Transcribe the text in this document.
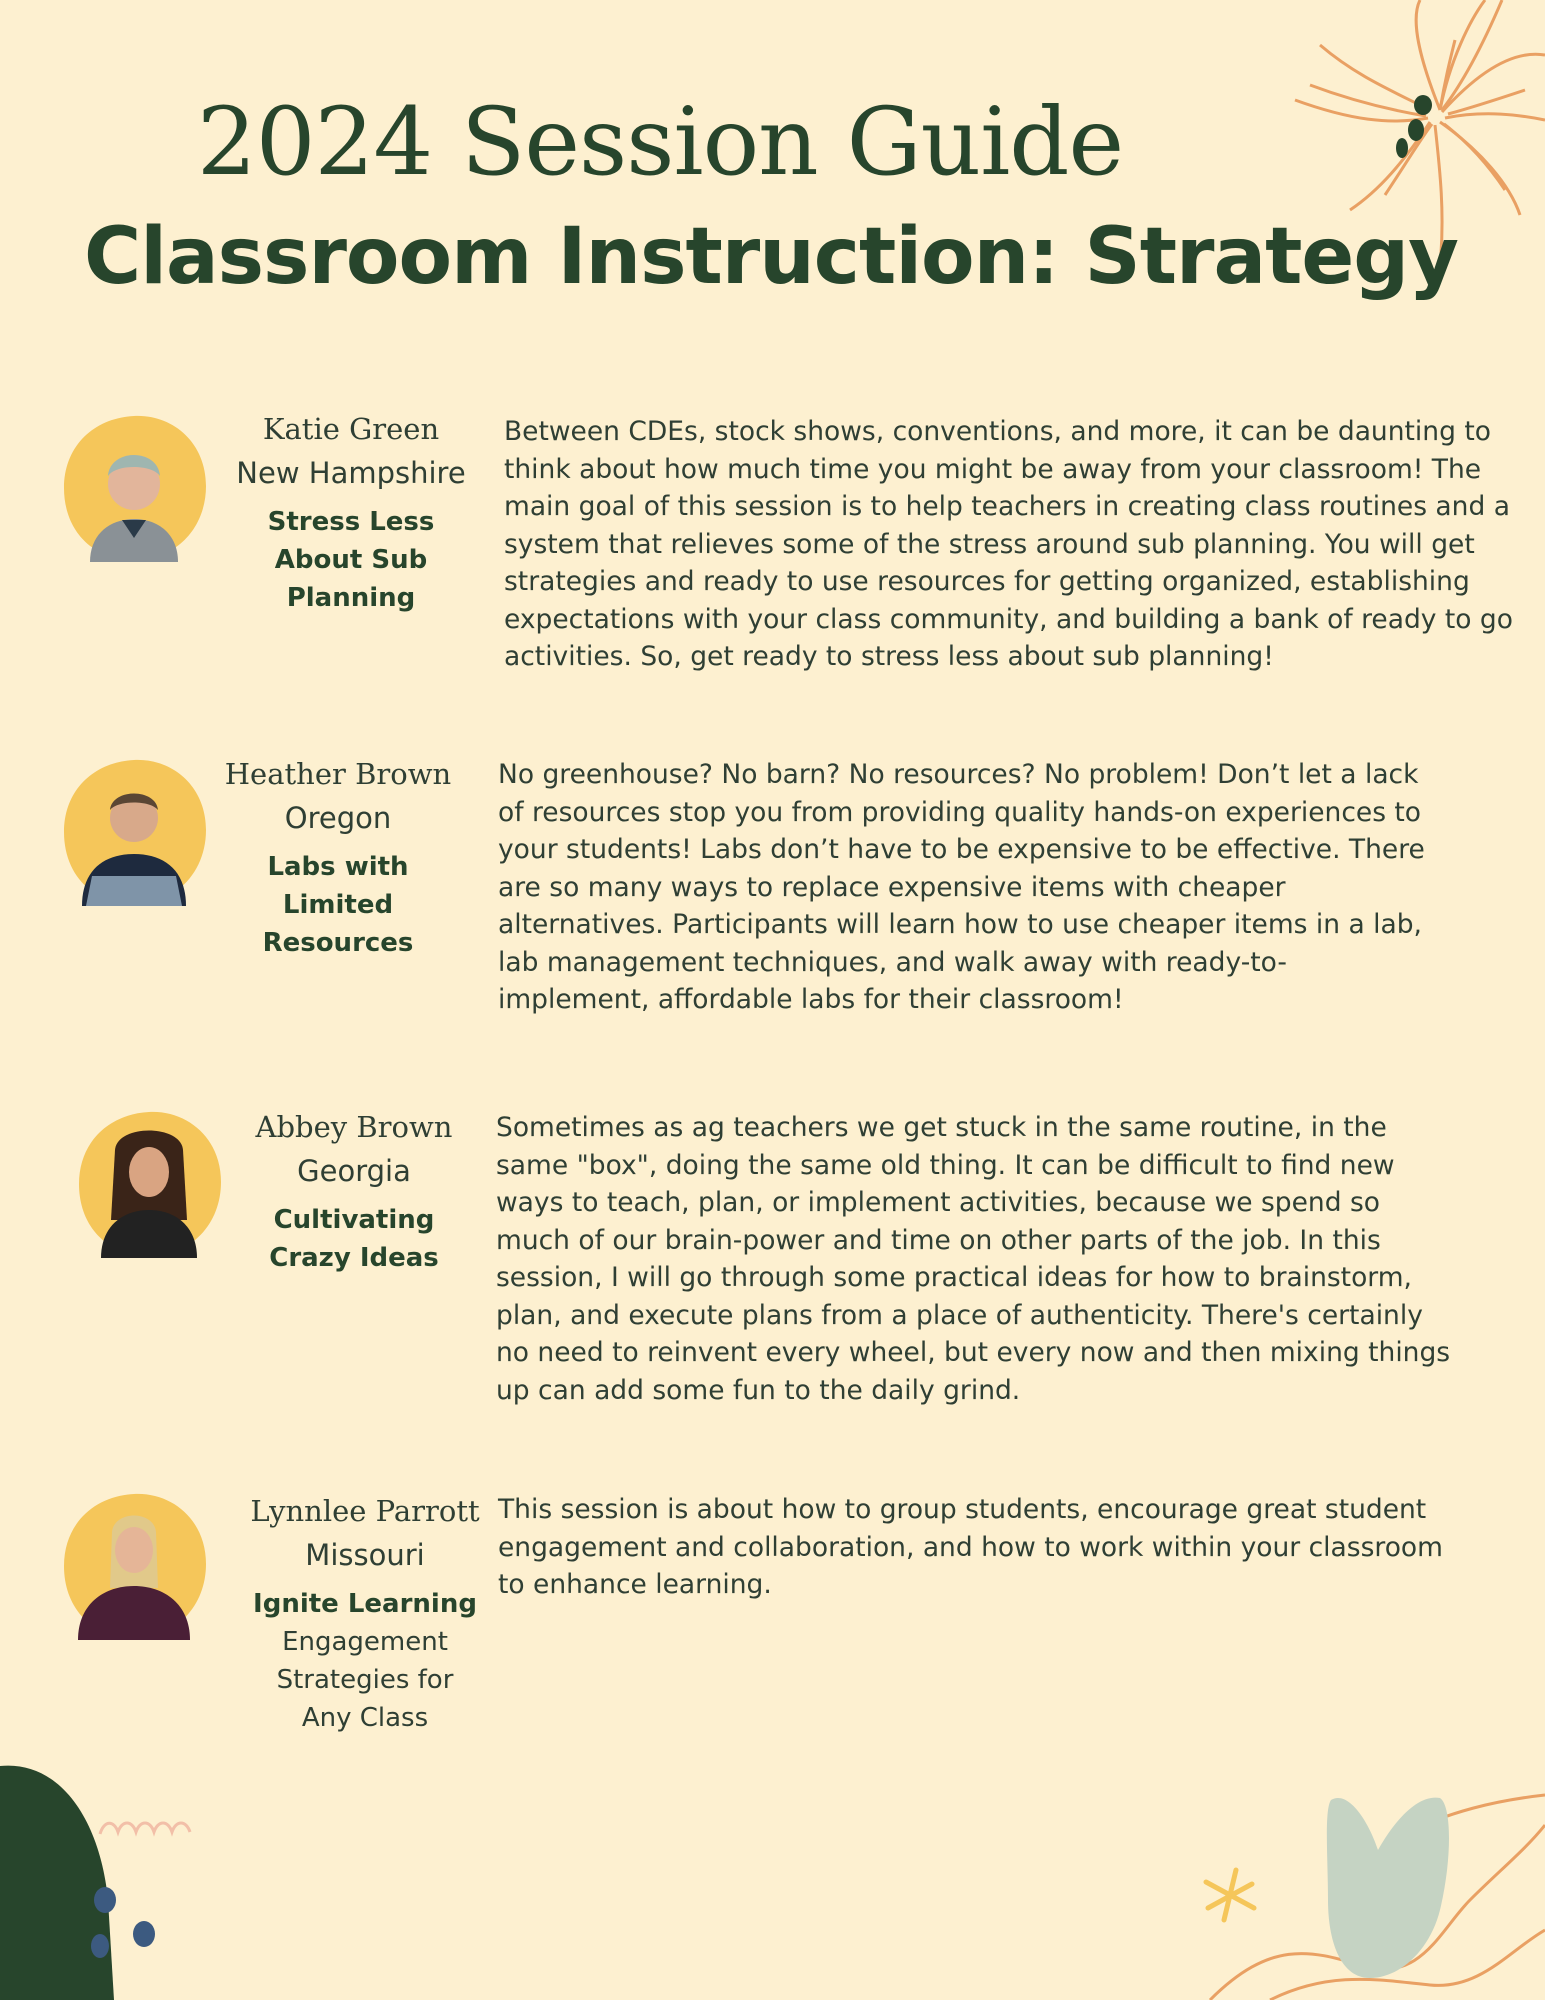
2024 Session Guide
Classroom Instruction: Strategy
Katie Green
New Hampshire
Stress Less About Sub Planning
Between CDEs, stock shows, conventions, and more, it can be daunting to think about how much time you might be away from your classroom! The main goal of this session is to help teachers in creating class routines and a system that relieves some of the stress around sub planning. You will get strategies and ready to use resources for getting organized, establishing expectations with your class community, and building a bank of ready to go activities. So, get ready to stress less about sub planning!
Heather Brown
Oregon
Labs with Limited Resources
No greenhouse? No barn? No resources? No problem! Don’t let a lack of resources stop you from providing quality hands-on experiences to your students! Labs don’t have to be expensive to be effective. There are so many ways to replace expensive items with cheaper alternatives. Participants will learn how to use cheaper items in a lab, lab management techniques, and walk away with ready-to-implement, affordable labs for their classroom!
Abbey Brown
Georgia
Cultivating Crazy Ideas
Sometimes as ag teachers we get stuck in the same routine, in the same "box", doing the same old thing. It can be difficult to find new ways to teach, plan, or implement activities, because we spend so much of our brain-power and time on other parts of the job. In this session, I will go through some practical ideas for how to brainstorm, plan, and execute plans from a place of authenticity. There's certainly no need to reinvent every wheel, but every now and then mixing things up can add some fun to the daily grind.
Lynnlee Parrott
Missouri
Ignite Learning
Engagement Strategies for Any Class
This session is about how to group students, encourage great student engagement and collaboration, and how to work within your classroom to enhance learning.
